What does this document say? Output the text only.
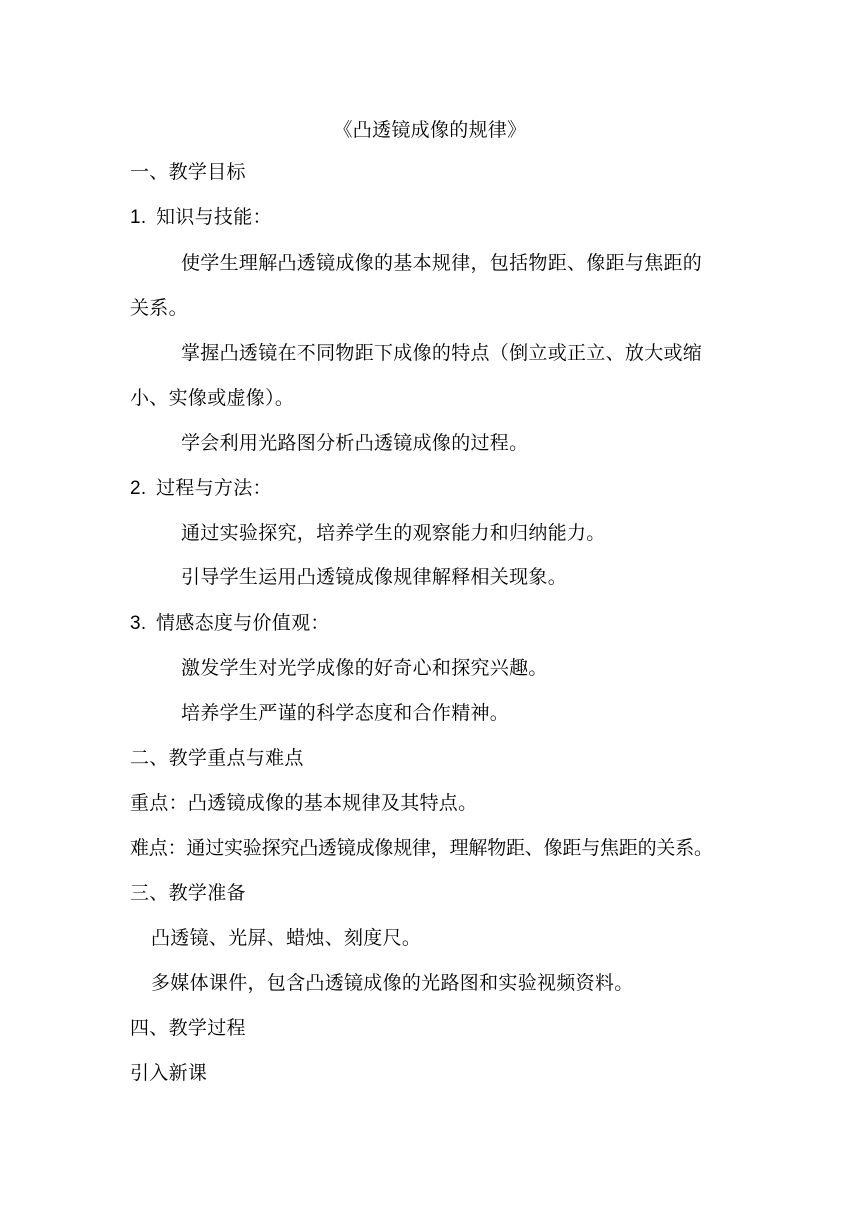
《凸透镜成像的规律》
一、教学目标
1. 知识与技能：
使学生理解凸透镜成像的基本规律，包括物距、像距与焦距的
关系。
掌握凸透镜在不同物距下成像的特点（倒立或正立、放大或缩
小、实像或虚像）。
学会利用光路图分析凸透镜成像的过程。
2. 过程与方法：
通过实验探究，培养学生的观察能力和归纳能力。
引导学生运用凸透镜成像规律解释相关现象。
3. 情感态度与价值观：
激发学生对光学成像的好奇心和探究兴趣。
培养学生严谨的科学态度和合作精神。
二、教学重点与难点
重点：凸透镜成像的基本规律及其特点。
难点：通过实验探究凸透镜成像规律，理解物距、像距与焦距的关系。
三、教学准备
凸透镜、光屏、蜡烛、刻度尺。
多媒体课件，包含凸透镜成像的光路图和实验视频资料。
四、教学过程
引入新课
